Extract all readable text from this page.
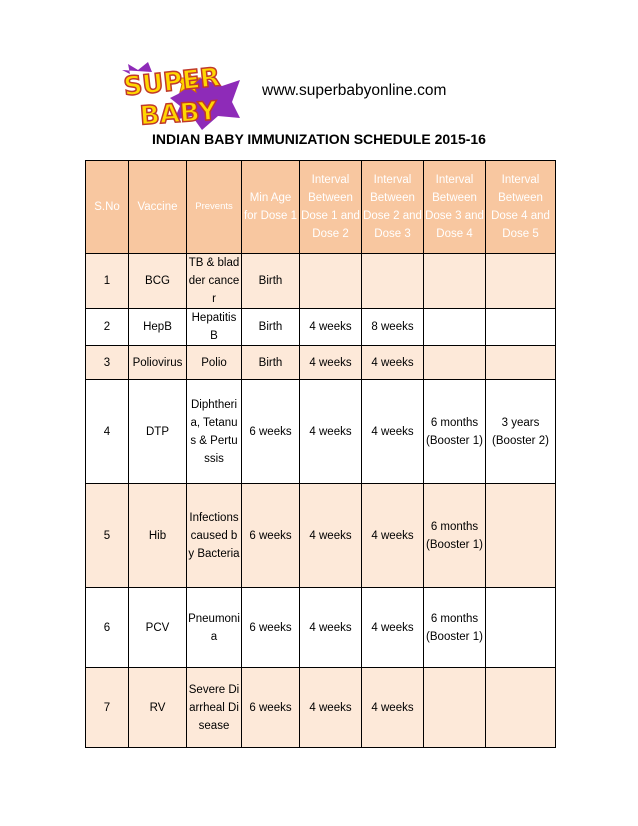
SUPER
BABY
www.superbabyonline.com
INDIAN BABY IMMUNIZATION SCHEDULE 2015-16
S.No	Vaccine	Prevents	Min Age for Dose 1	Interval Between Dose 1 and Dose 2	Interval Between Dose 2 and Dose 3	Interval Between Dose 3 and Dose 4	Interval Between Dose 4 and Dose 5
1	BCG	TB & bladder cancer	Birth				
2	HepB	Hepatitis B	Birth	4 weeks	8 weeks		
3	Poliovirus	Polio	Birth	4 weeks	4 weeks		
4	DTP	Diphtheria, Tetanus & Pertussis	6 weeks	4 weeks	4 weeks	6 months (Booster 1)	3 years (Booster 2)
5	Hib	Infections caused by Bacteria	6 weeks	4 weeks	4 weeks	6 months (Booster 1)	
6	PCV	Pneumonia	6 weeks	4 weeks	4 weeks	6 months (Booster 1)	
7	RV	Severe Diarrheal Disease	6 weeks	4 weeks	4 weeks		
